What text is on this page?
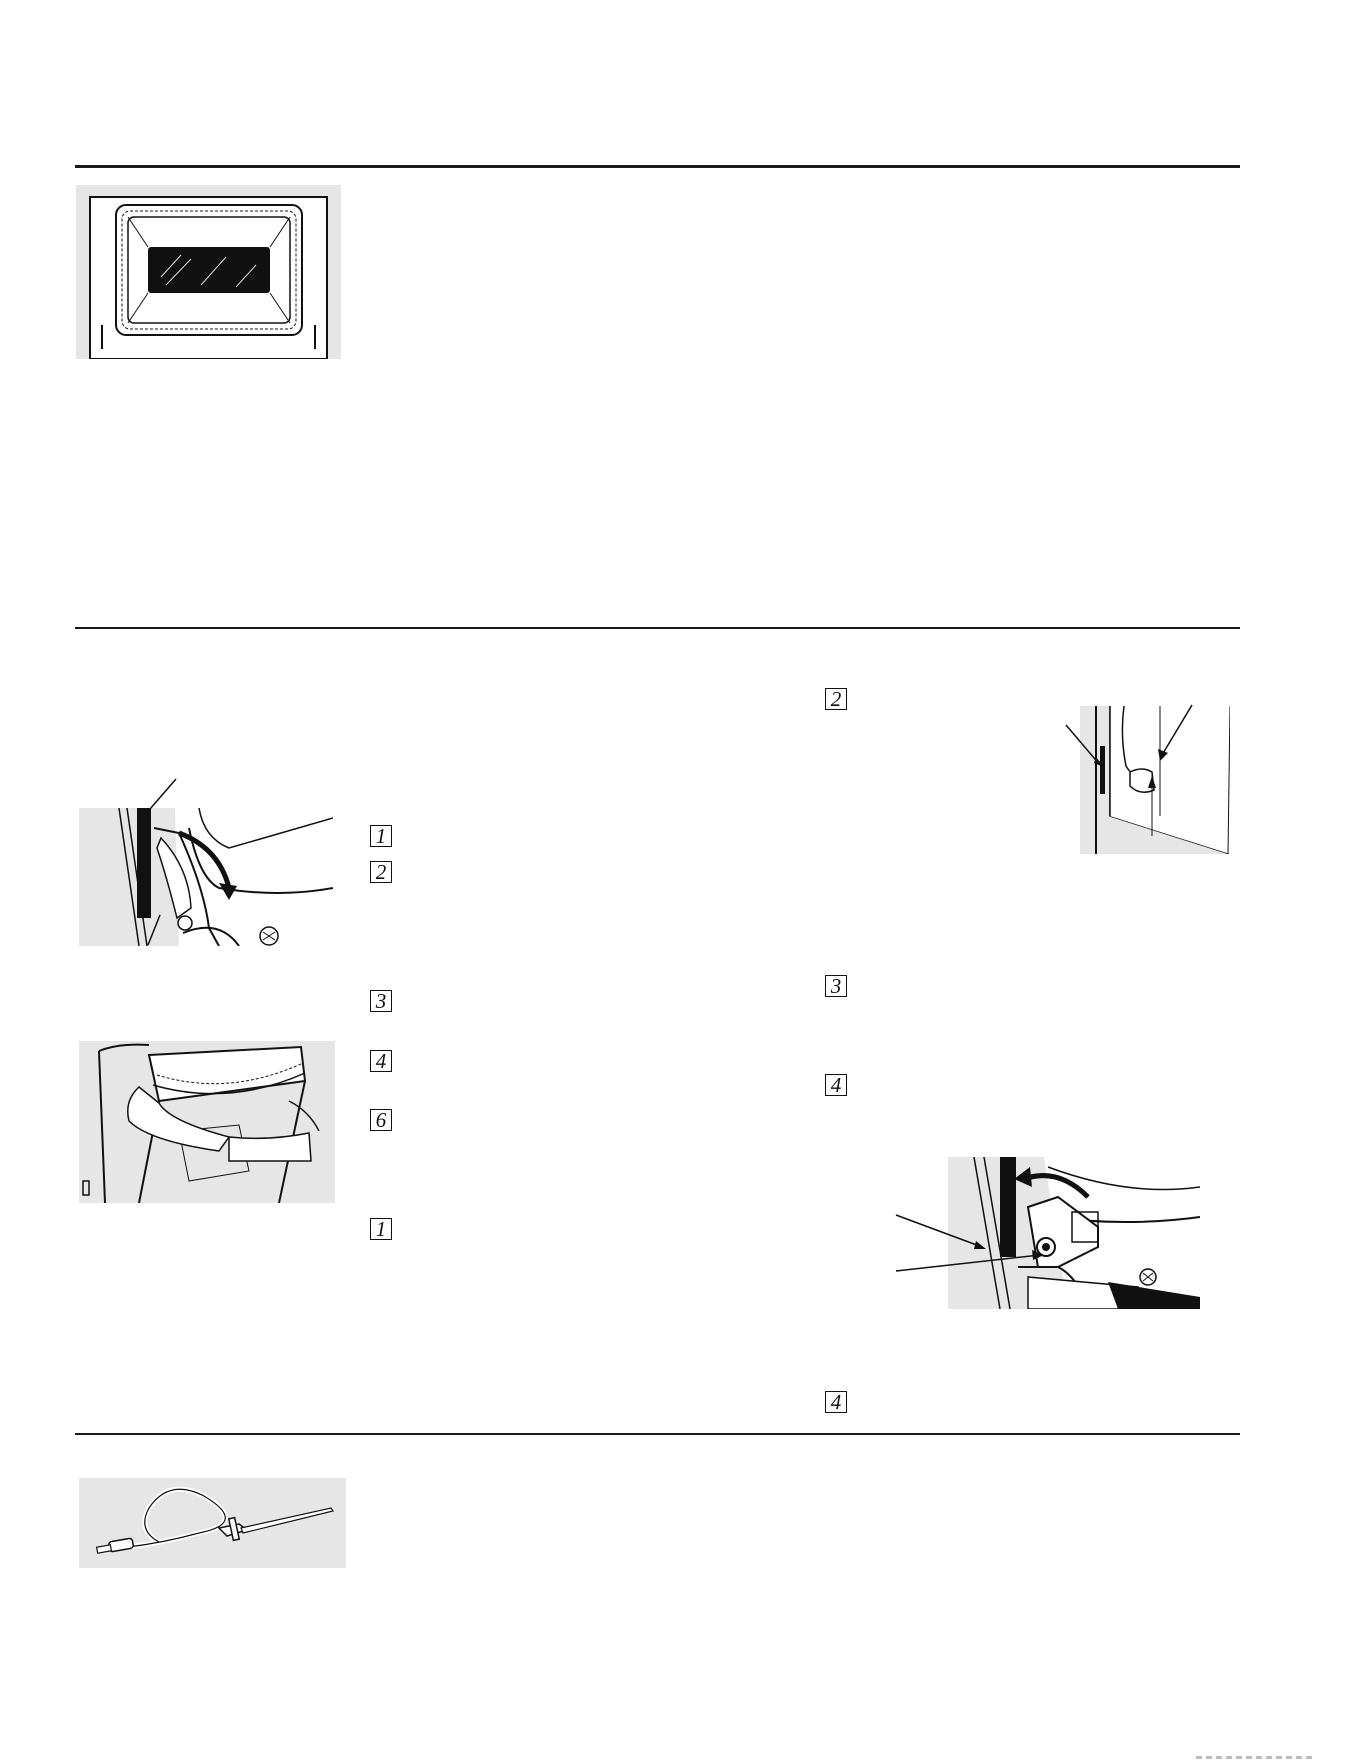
1
2
3
4
6
1
2
3
4
4
